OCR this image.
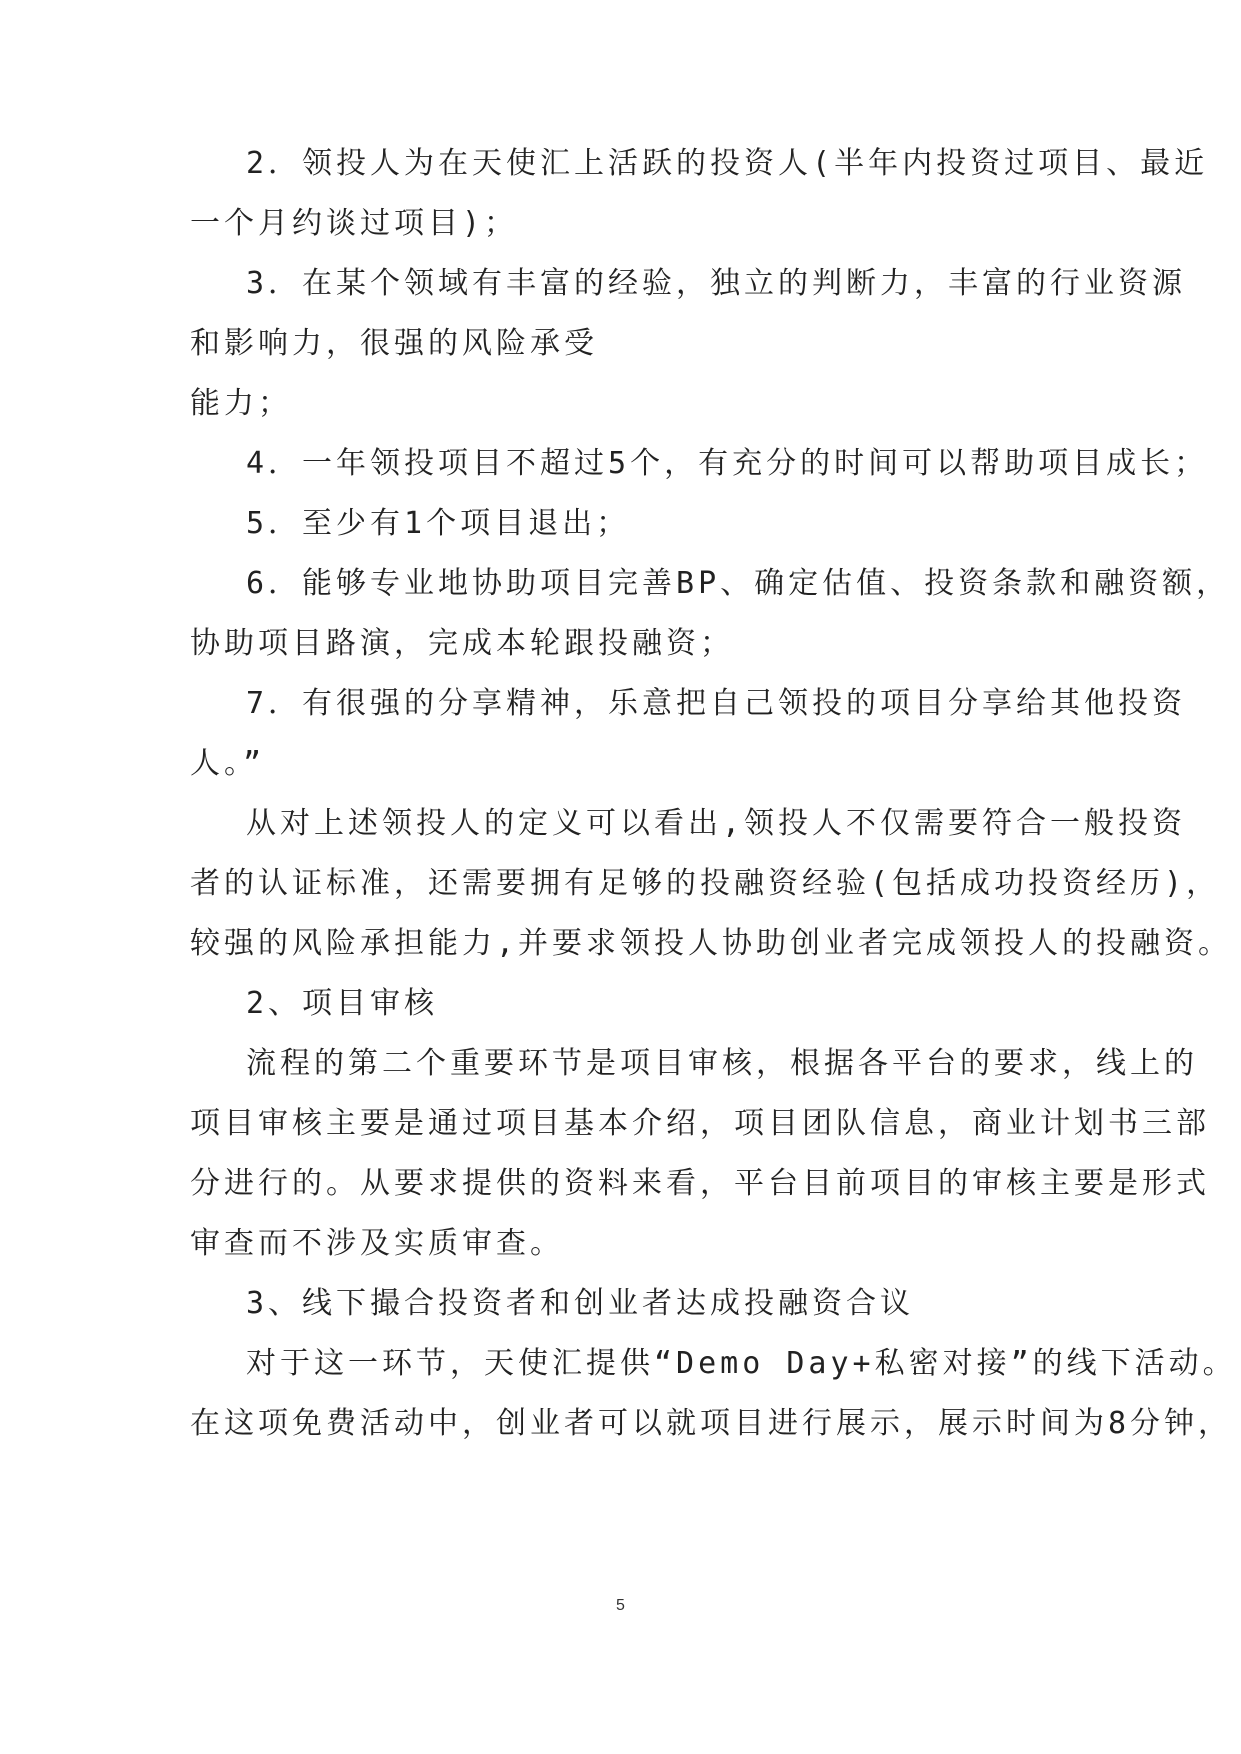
2．领投人为在天使汇上活跃的投资人(半年内投资过项目、最近
一个月约谈过项目)；
3．在某个领域有丰富的经验，独立的判断力，丰富的行业资源
和影响力，很强的风险承受
能力；
4．一年领投项目不超过5个，有充分的时间可以帮助项目成长；
5．至少有1个项目退出；
6．能够专业地协助项目完善BP、确定估值、投资条款和融资额，
协助项目路演，完成本轮跟投融资；
7．有很强的分享精神，乐意把自己领投的项目分享给其他投资
人。”
从对上述领投人的定义可以看出,领投人不仅需要符合一般投资
者的认证标准，还需要拥有足够的投融资经验(包括成功投资经历)，
较强的风险承担能力,并要求领投人协助创业者完成领投人的投融资。
2、项目审核
流程的第二个重要环节是项目审核，根据各平台的要求，线上的
项目审核主要是通过项目基本介绍，项目团队信息，商业计划书三部
分进行的。从要求提供的资料来看，平台目前项目的审核主要是形式
审查而不涉及实质审查。
3、线下撮合投资者和创业者达成投融资合议
对于这一环节，天使汇提供“Demo Day+私密对接”的线下活动。
在这项免费活动中，创业者可以就项目进行展示，展示时间为8分钟，
5
